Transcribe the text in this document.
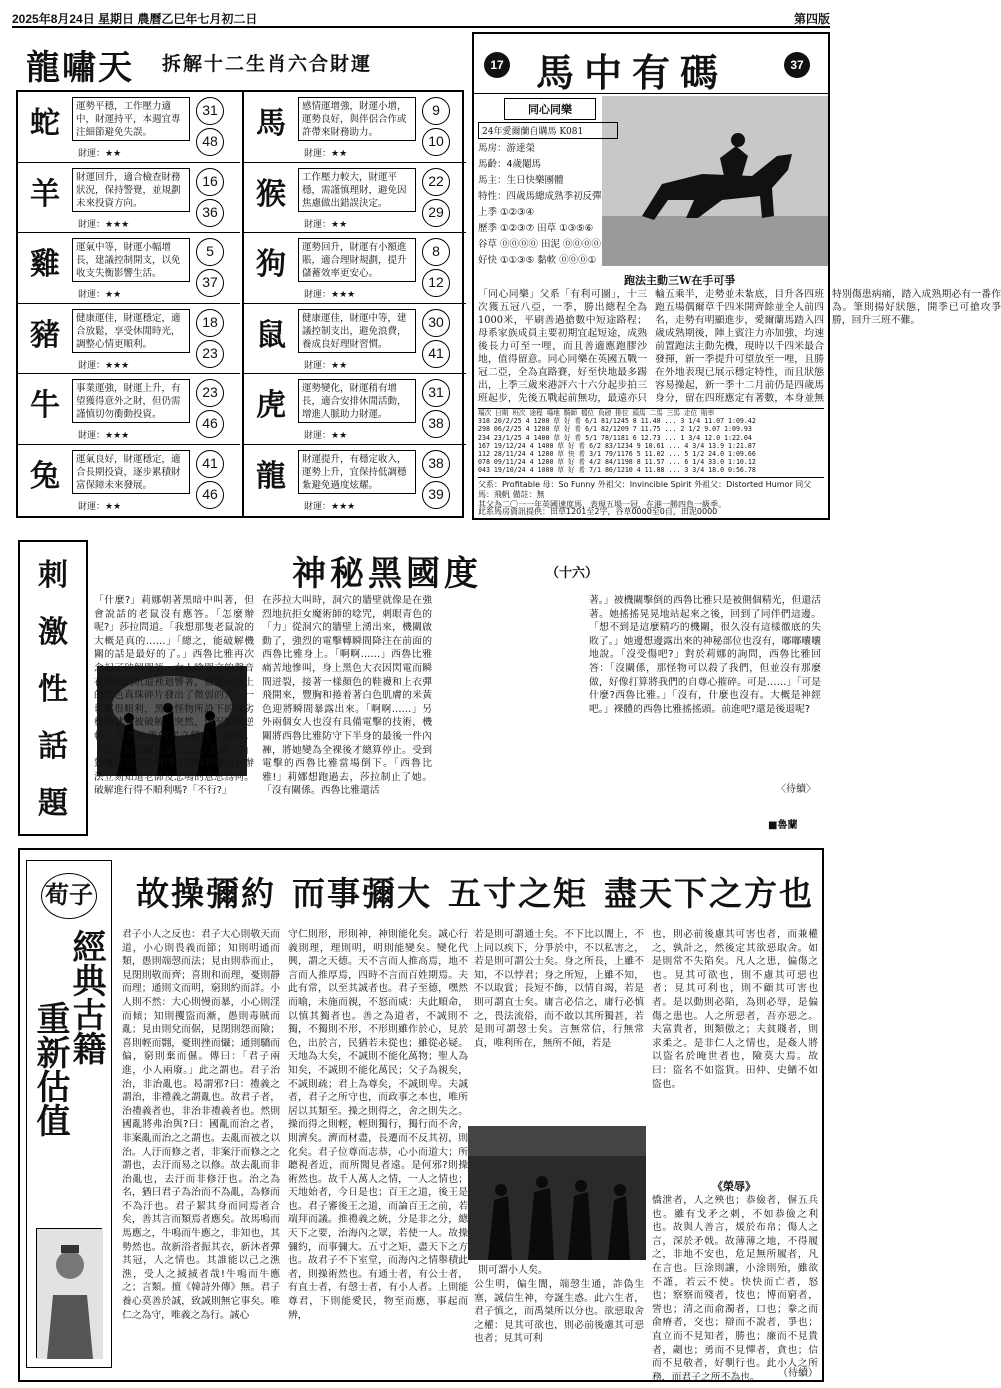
2025年8月24日 星期日 農曆乙巳年七月初二日	第四版
龍嘯天 拆解十二生肖六合財運
蛇	運勢平穩，工作壓力適中，財運持平，本週宜專注細節避免失誤。
財運：★★
31
48
羊	財運回升，適合檢查財務狀況，保持警覺，並規劃未來投資方向。
財運：★★★
16
36
雞	運氣中等，財運小幅增長，建議控制開支，以免收支失衡影響生活。
財運：★★
5
37
豬	健康運佳，財運穩定，適合放鬆，享受休閒時光，調整心情更順利。
財運：★★★
18
23
牛	事業運強，財運上升，有望獲得意外之財，但仍需謹慎切勿衝動投資。
財運：★★★
23
46
兔	運氣良好，財運穩定，適合長期投資，逐步累積財富保障未來發展。
財運：★★
41
46
馬	感情運增強，財運小增，運勢良好，與伴侶合作或許帶來財務助力。
財運：★★
9
10
猴	工作壓力較大，財運平穩，需謹慎理財，避免因焦慮做出錯誤決定。
財運：★★
22
29
狗	運勢回升，財運有小額進賬，適合理財規劃，提升儲蓄效率更安心。
財運：★★★
8
12
鼠	健康運佳，財運中等，建議控制支出，避免浪費，養成良好理財習慣。
財運：★★
30
41
虎	運勢變化，財運稍有增長，適合安排休閒活動，增進人脈助力財運。
財運：★★
31
38
龍	財運提升，有穩定收入，運勢上升，宜保持低調穩紮避免過度炫耀。
財運：★★★
38
39
17 馬中有碼	37
同心同樂
24年愛爾蘭自購馬 K081
馬房：游達榮
馬齡：4歲閹馬
馬主：生日快樂團體
特性：四歲馬總成熟季初反彈
上季 ①②③④
歷季 ①②③⑦ 田草 ①③⑤⑥
谷草 ⓪⓪⓪⓪ 田泥 ⓪⓪⓪⓪
好快 ①①③⑤ 黏軟 ⓪⓪⓪①
跑法主動三W在手可爭
「同心同樂」父系「有利可圖」，十三次獲五冠八亞，一季，勝出總程全為1000米，平刷善過搶數中短途路程；母系家族成員主要初期宜起短途，成熟後長力可至一哩，而且善適應跑膠沙地，值得留意。同心同樂在英國五戰一冠二亞，全為直路賽，好至快地最多踢出，上季三歲來港評六十六分起步拍三班起步，先後五戰起前無功，最遠亦只輸五乘半，走勢並未紮底，目升各四班跑五場偶爾草千四米開齊餘並全人前四名，走勢有明顯進步，愛爾蘭馬踏入四歲成熟期後，陣上賓注力亦加強，均速前置跑法主動先機，現時以千四米最合發揮，新一季提升可望放至一哩，且勝在外地表現已展示穩定特性，而且狀態容易操起，新一季十二月前仍是四歲馬身分，留在四班應定有著數，本身並無特別傷患病痛，踏入成熟期必有一番作為。筆則揚好狀態，開季已可搶攻爭勝，回升三班不難。
場次 日期 班次 途程 場地 騎師 檔位 負磅 排位 頭馬 二馬 三馬 走位 賠率
318 20/2/25 4 1200 草 好 希 6/1 81/1245 8 11.48 ... 3 1/4 11.07 1:09.42
298 06/2/25 4 1200 草 好 希 6/1 82/1209 7 11.75 ... 2 1/2 9.07 1:09.93
234 23/1/25 4 1400 草 好 希 5/1 78/1181 6 12.73 ... 1 3/4 12.0 1:22.04
167 19/12/24 4 1400 草 好 希 6/2 83/1234 9 10.61 ... 4 3/4 13.9 1:21.87
112 28/11/24 4 1200 草 快 希 3/1 79/1176 5 11.02 ... 5 1/2 24.0 1:09.66
078 09/11/24 4 1200 草 好 希 4/2 84/1198 8 11.57 ... 6 1/4 33.0 1:10.12
043 19/10/24 4 1000 草 好 希 7/1 80/1210 4 11.88 ... 3 3/4 18.0 0:56.78
父系：Profitable 母：So Funny 外祖父：Invincible Spirit 外祖父：Distorted Humor 同父馬：飛帆 備註：無
其父為二〇一一年英國速度馬，表現五場一冠，在港一勝四負一級季。
此系馬房資訊提供：田草1201至2字，谷草0000至0自，田泥0000
刺
激
性
話
題
神秘黑國度	（十六）
「什麼?」莉娜朝著黑暗中叫著，但會說話的老鼠沒有應答。「怎麼辦呢?」莎拉問道。「我想那隻老鼠說的大概是真的……」「總之，能破解機關的話是最好的了。」西魯比雅再次念起了破解咒語。女人唸咒文的聲音在黑暗的坑道裡迴響著，被灑在地上的黑色真珠碎片發出了微弱的光。一切都很順利，黑色怪物所設下的卑劣機關就要被破解。突然，情況開始逆轉。西魯比雅的咒文變成了悲鳴。「這、這個魔法是……」「怎麼了?」對魔法完全是個門外漢的莉娜沒有辦法立刻知道老師及悲鳴的意思為何。破解進行得不順利嗎?「不行?」
在莎拉大叫時，洞穴的牆壁就像是在強烈地抗拒女魔術師的唸咒，刺眼青色的「力」從洞穴的牆壁上湧出來，機關啟動了，強烈的電擊轉瞬間降注在前面的西魯比雅身上。「啊啊……」西魯比雅痛苦地慘叫，身上黑色大衣因閃電而瞬間迸裂，接著一樣顏色的鞋襪和上衣彈飛開來，豐胸和捲着著白色肌膚的米黃色迎將瞬間暴露出來。「啊啊……」另外兩個女人也沒有具備電擊的技術，機關將西魯比雅防守下半身的最後一件內褲，將她變為全裸後才總算停止。受到電擊的西魯比雅當場倒下。「西魯比雅!」莉娜想跑過去，莎拉制止了她。「沒有關係。西魯比雅還活
著。」被機關擊倒的西魯比雅只是被側個精光，但還活著。她搖搖晃晃地站起來之後，回到了同伴們這邊。「想不到是這麼精巧的機關，很久沒有這樣徹底的失敗了。」她邊想邊露出來的神秘部位也沒有，嘟嘟囔囔地說。「沒受傷吧?」對於莉娜的詢問，西魯比雅回答：「沒關係，那怪物可以殺了我們，但並沒有那麼做，好像打算將我們的自尊心摧碎。可是……」「可是什麼?西魯比雅。」「沒有，什麼也沒有。大概是神經吧。」裸體的西魯比雅搖搖頭。前進吧?還是後退呢?
〈待續〉
■魯蘭
荀子
經典古籍
重新估值
故操彌約 而事彌大 五寸之矩 盡天下之方也
君子小人之反也：君子大心則敬天而道，小心則畏義而節；知則明通而類，愚則端愨而法；見由則恭而止，見閉則敬而齊；喜則和而理，憂則靜而理；通則文而明，窮則約而詳。小人則不然：大心則慢而暴，小心則淫而傾；知則攫盜而漸，愚則毒賊而亂；見由則兌而倨，見閉則怨而險；喜則輕而翾，憂則挫而懾；通則驕而偏，窮則棄而儑。傳曰：「君子兩進，小人兩廢。」此之謂也。君子治治，非治亂也。曷謂邪?曰：禮義之謂治，非禮義之謂亂也。故君子者，治禮義者也，非治非禮義者也。然則國亂將弗治與?曰：國亂而治之者，非案亂而治之之謂也。去亂而被之以治。人汙而修之者，非案汙而修之之謂也，去汙而易之以修。故去亂而非治亂也，去汙而非修汙也。治之為名，猶曰君子為治而不為亂，為修而不為汙也。君子絜其身而同焉者合矣，善其言而類焉者應矣。故馬鳴而馬應之，牛鳴而牛應之，非知也，其勢然也。故新浴者振其衣，新沐者彈其冠，人之情也。其誰能以己之潐潐，受人之掝掝者哉!牛鳴而牛應之；言類。擅《韓詩外傳》無。君子養心莫善於誠，致誠則無它事矣。唯仁之為守，唯義之為行。誠心
守仁則形，形則神，神則能化矣。誠心行義則理，理則明，明則能變矣。變化代興，謂之天德。天不言而人推高焉，地不言而人推厚焉，四時不言而百姓期焉。夫此有常，以至其誠者也。君子至德，嘿然而喻，未施而親，不怒而威：夫此順命，以慎其獨者也。善之為道者，不誠則不獨，不獨則不形，不形則雖作於心，見於色，出於言，民猶若未從也；雖從必疑。天地為大矣，不誠則不能化萬物；聖人為知矣，不誠則不能化萬民；父子為親矣，不誠則疏；君上為尊矣，不誠則卑。夫誠者，君子之所守也，而政事之本也，唯所居以其類至。操之則得之，舍之則失之。操而得之則輕，輕則獨行，獨行而不舍，則濟矣。濟而材盡，長遷而不反其初，則化矣。君子位尊而志恭，心小而道大；所聽視者近，而所聞見者遠。是何邪?則操術然也。故千人萬人之情，一人之情也；天地始者，今日是也；百王之道，後王是也。君子審後王之道，而論百王之前，若端拜而議。推禮義之統，分是非之分，總天下之要，治海內之眾，若使一人。故操彌約，而事彌大。五寸之矩，盡天下之方也。故君子不下室堂，而海內之情舉積此者，則操術然也。有通士者，有公士者，有直士者，有愨士者，有小人者。上則能尊君，下則能愛民，物至而應，事起而辨，
若是則可謂通士矣。不下比以闇上，不上同以疾下，分爭於中，不以私害之，若是則可謂公士矣。身之所長，上雖不知，不以悖君；身之所短，上雖不知，不以取賞；長短不飾，以情自竭，若是則可謂直士矣。庸言必信之，庸行必慎之，畏法流俗，而不敢以其所獨甚，若是則可謂愨士矣。言無常信，行無常貞，唯利所在，無所不傾，若是
則可謂小人矣。
公生明，偏生闇，端愨生通，詐偽生塞，誠信生神，夸誕生惑。此六生者，君子慎之，而禹桀所以分也。欲惡取舍之權：見其可欲也，則必前後慮其可惡也者；見其可利
也，則必前後慮其可害也者，而兼權之，孰計之，然後定其欲惡取舍。如是則常不失陷矣。凡人之患，偏傷之也。見其可欲也，則不慮其可惡也者；見其可利也，則不顧其可害也者。是以動則必陷，為則必辱，是偏傷之患也。人之所惡者，吾亦惡之。夫富貴者，則類傲之；夫貧賤者，則求柔之。是非仁人之情也，是姦人將以盜名於晻世者也，險莫大焉。故曰：盜名不如盜貨。田仲、史鰌不如盜也。
《榮辱》
憍泄者，人之殃也；恭儉者，偋五兵也。雖有戈矛之刺，不如恭儉之利也。故與人善言，煖於布帛；傷人之言，深於矛戟。故薄薄之地，不得履之，非地不安也，危足無所履者，凡在言也。巨涂則讓，小涂則殆，雖欲不謹，若云不使。快快而亡者，怒也；察察而殘者，忮也；博而窮者，訾也；清之而俞濁者，口也；豢之而俞瘠者，交也；辯而不說者，爭也；直立而不見知者，勝也；廉而不見貴者，劌也；勇而不見憚者，貪也；信而不見敬者，好剸行也。此小人之所務，而君子之所不為也。	（待續）
